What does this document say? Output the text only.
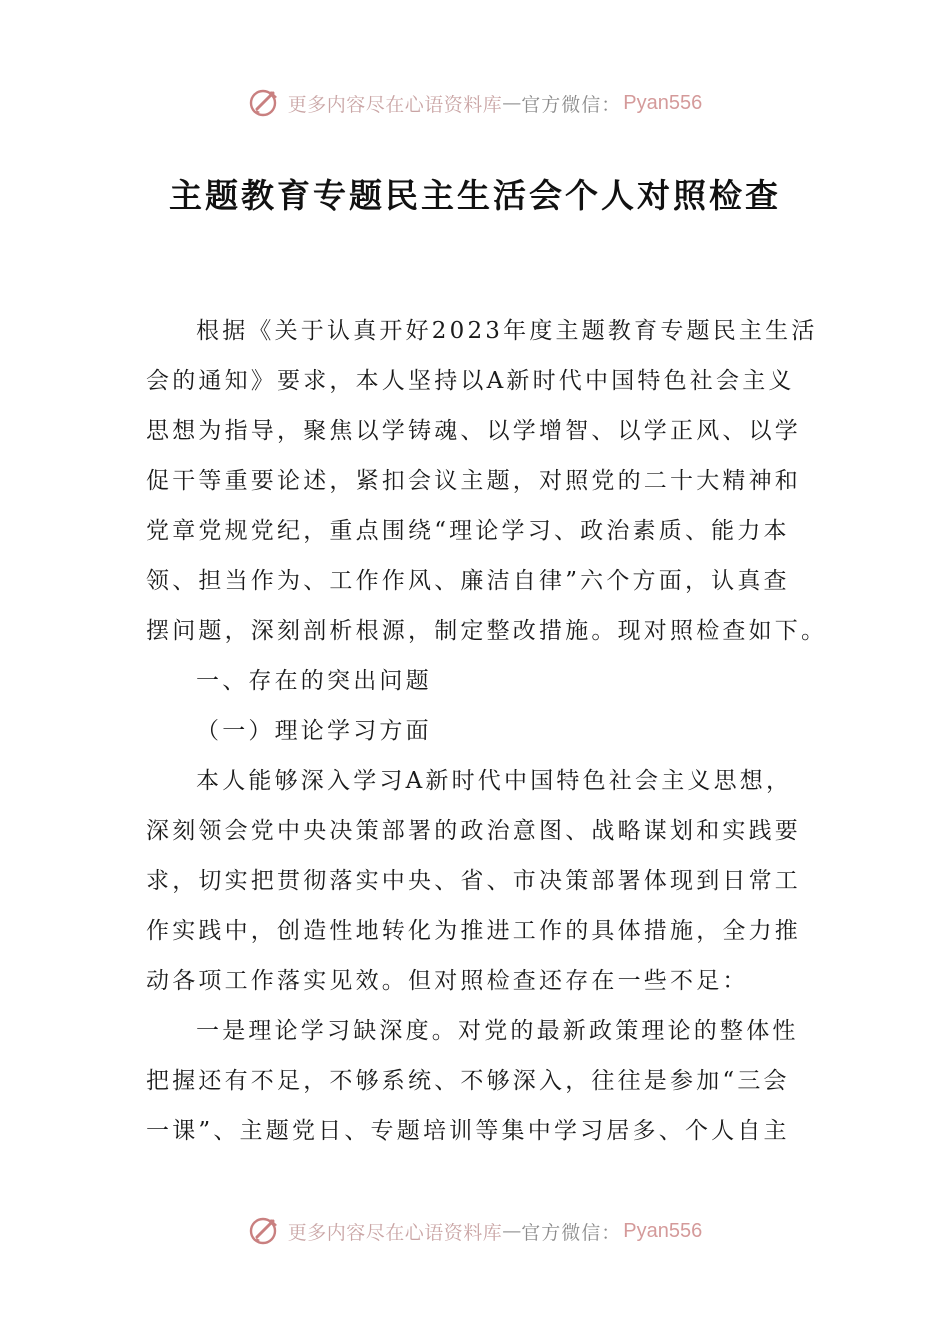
更多内容尽在心语资料库 — 官方微信： Pyan556
主题教育专题民主生活会个人对照检查
根据《关于认真开好2023年度主题教育专题民主生活
会的通知》要求，本人坚持以A新时代中国特色社会主义
思想为指导，聚焦以学铸魂、以学增智、以学正风、以学
促干等重要论述，紧扣会议主题，对照党的二十大精神和
党章党规党纪，重点围绕“理论学习、政治素质、能力本
领、担当作为、工作作风、廉洁自律”六个方面，认真查
摆问题，深刻剖析根源，制定整改措施。现对照检查如下。
一、存在的突出问题
（一）理论学习方面
本人能够深入学习A新时代中国特色社会主义思想，
深刻领会党中央决策部署的政治意图、战略谋划和实践要
求，切实把贯彻落实中央、省、市决策部署体现到日常工
作实践中，创造性地转化为推进工作的具体措施，全力推
动各项工作落实见效。但对照检查还存在一些不足：
一是理论学习缺深度。对党的最新政策理论的整体性
把握还有不足，不够系统、不够深入，往往是参加“三会
一课”、主题党日、专题培训等集中学习居多、个人自主
更多内容尽在心语资料库 — 官方微信： Pyan556
